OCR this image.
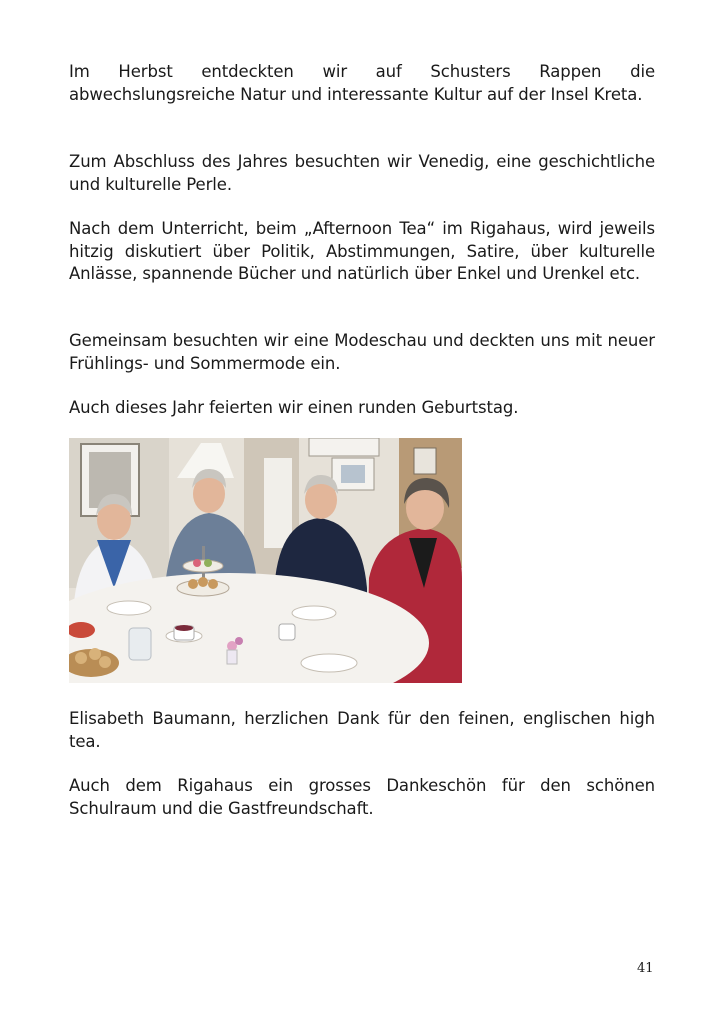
Im Herbst entdeckten wir auf Schusters Rappen die abwechslungsreiche Natur und interessante Kultur auf der Insel Kreta.

Zum Abschluss des Jahres besuchten wir Venedig, eine geschichtliche und kulturelle Perle.

Nach dem Unterricht, beim „Afternoon Tea“ im Rigahaus, wird jeweils hitzig diskutiert über Politik, Abstimmungen, Satire, über kulturelle Anlässe, spannende Bücher und natürlich über Enkel und Urenkel etc.

Gemeinsam besuchten wir eine Modeschau und deckten uns mit neuer Frühlings- und Sommermode ein.

Auch dieses Jahr feierten wir einen runden Geburtstag.

Elisabeth Baumann, herzlichen Dank für den feinen, englischen high tea.

Auch dem Rigahaus ein grosses Dankeschön für den schönen Schulraum und die Gastfreundschaft.

41
